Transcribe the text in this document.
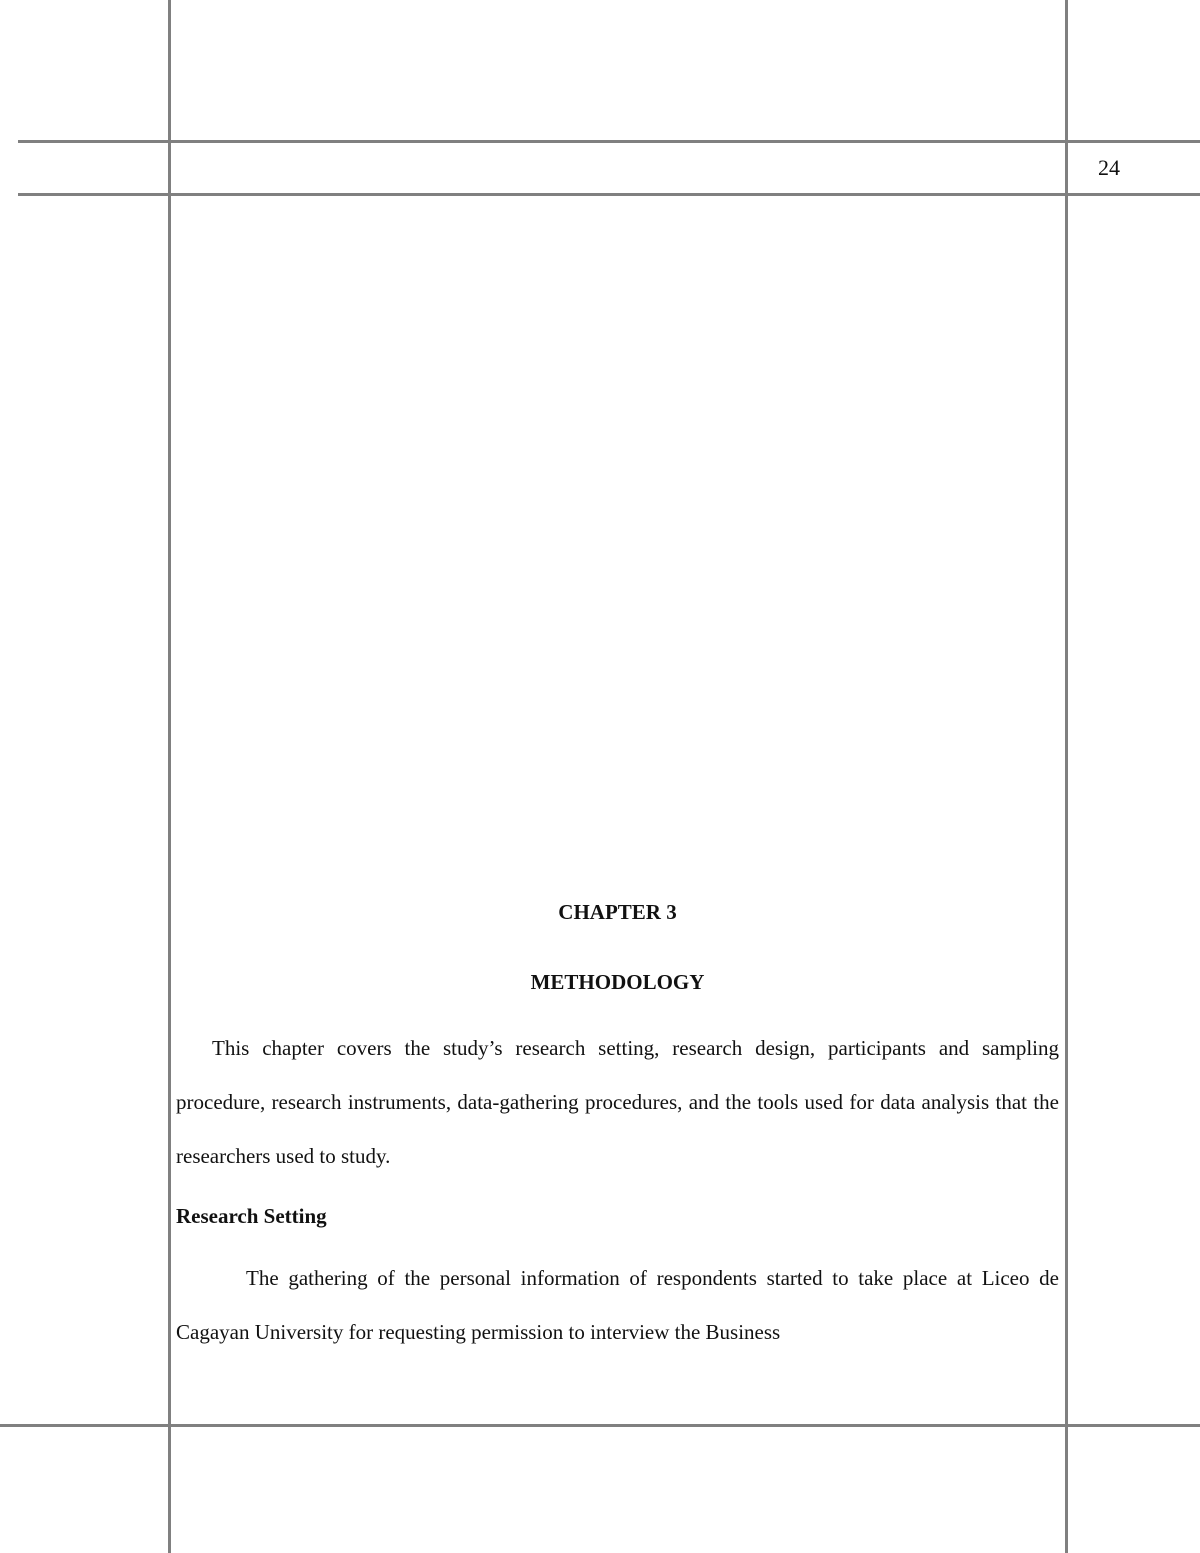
24

CHAPTER 3

METHODOLOGY

This chapter covers the study’s research setting, research design, participants and sampling procedure, research instruments, data-gathering procedures, and the tools used for data analysis that the researchers used to study.

Research Setting

The gathering of the personal information of respondents started to take place at Liceo de Cagayan University for requesting permission to interview the Business
